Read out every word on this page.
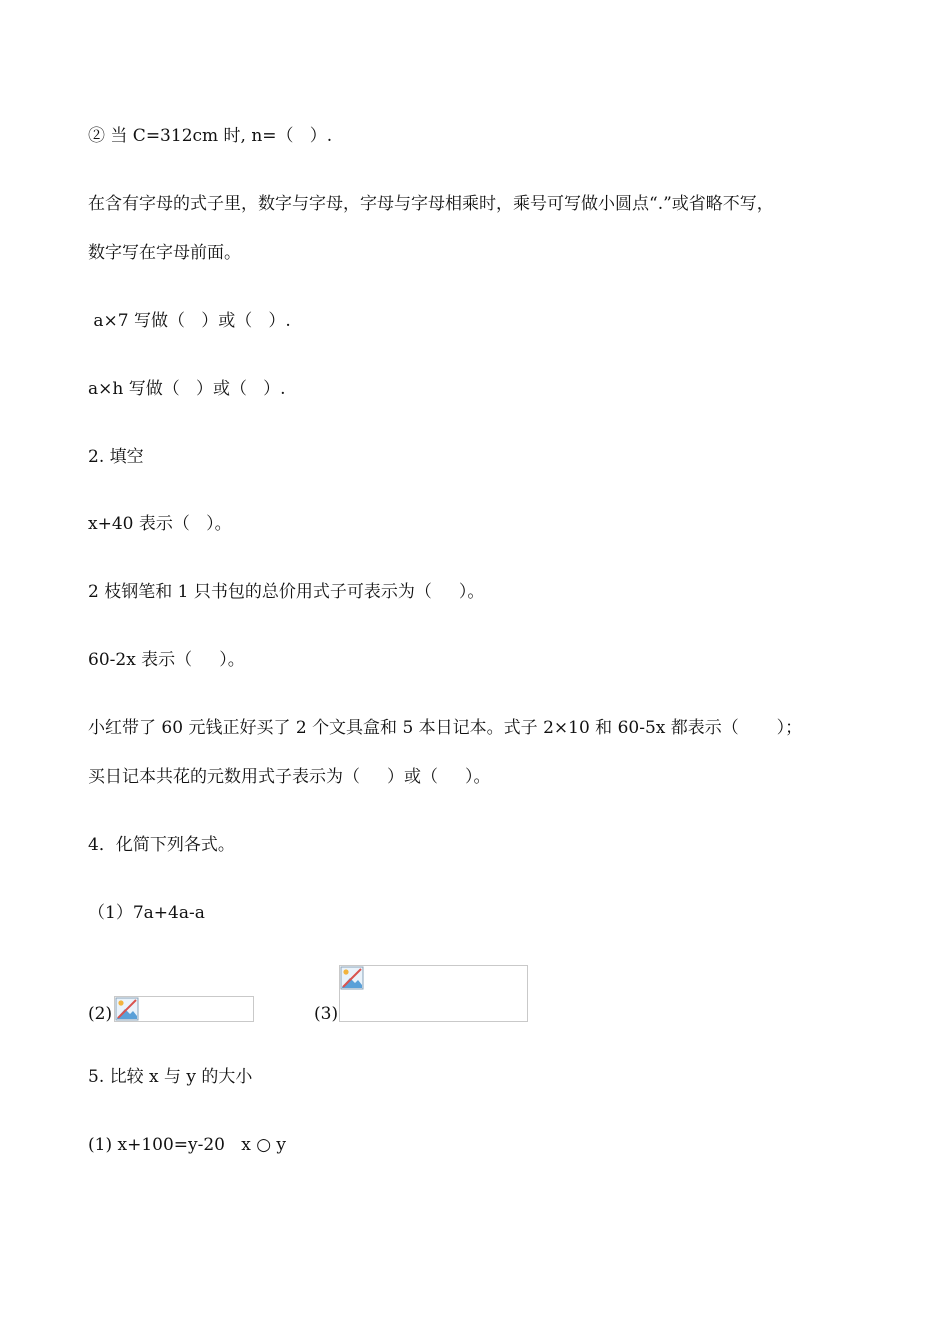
② 当 C=312cm 时, n=（   ）.
在含有字母的式子里，数字与字母，字母与字母相乘时，乘号可写做小圆点“.”或省略不写，
数字写在字母前面。
a×7 写做（   ）或（   ）.
a×h 写做（   ）或（   ）.
2. 填空
x+40 表示（   ）。
2 枝钢笔和 1 只书包的总价用式子可表示为（     ）。
60-2x 表示（     ）。
小红带了 60 元钱正好买了 2 个文具盒和 5 本日记本。式子 2×10 和 60-5x 都表示（       ）；
买日记本共花的元数用式子表示为（     ）或（     ）。
4．化简下列各式。
（1）7a+4a-a
(2)	(3)
5. 比较 x 与 y 的大小
(1) x+100=y-20   x ○ y
